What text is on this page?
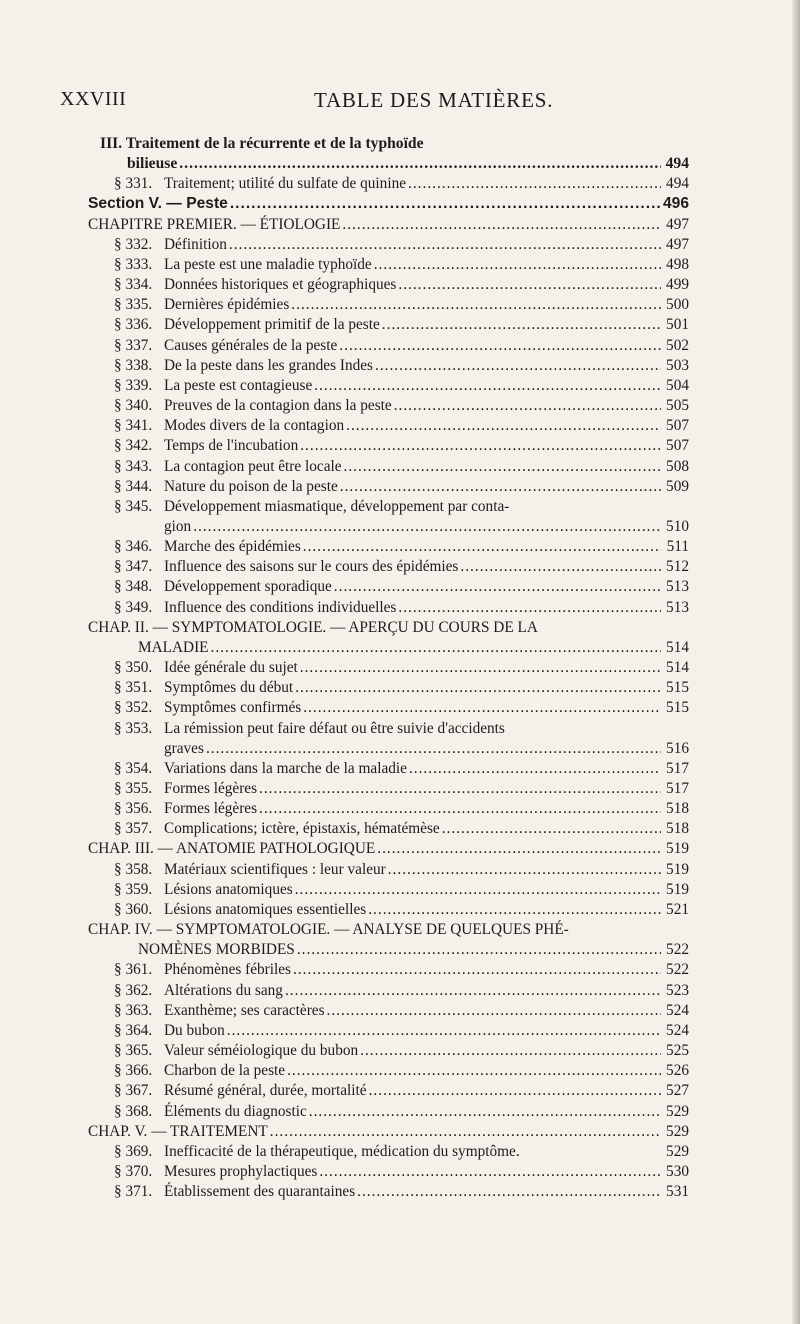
XXVIII	TABLE DES MATIÈRES.
III. Traitement de la récurrente et de la typhoïde
bilieuse .....	494
§ 331. Traitement; utilité du sulfate de quinine .....	494
Section V. — Peste .....	496
CHAPITRE PREMIER. — ÉTIOLOGIE .....	497
§ 332. Définition .....	497
§ 333. La peste est une maladie typhoïde .....	498
§ 334. Données historiques et géographiques .....	499
§ 335. Dernières épidémies .....	500
§ 336. Développement primitif de la peste .....	501
§ 337. Causes générales de la peste .....	502
§ 338. De la peste dans les grandes Indes .....	503
§ 339. La peste est contagieuse .....	504
§ 340. Preuves de la contagion dans la peste .....	505
§ 341. Modes divers de la contagion .....	507
§ 342. Temps de l'incubation .....	507
§ 343. La contagion peut être locale .....	508
§ 344. Nature du poison de la peste .....	509
§ 345. Développement miasmatique, développement par conta-
gion .....	510
§ 346. Marche des épidémies .....	511
§ 347. Influence des saisons sur le cours des épidémies .....	512
§ 348. Développement sporadique .....	513
§ 349. Influence des conditions individuelles .....	513
CHAP. II. — SYMPTOMATOLOGIE. — APERÇU DU COURS DE LA
MALADIE .....	514
§ 350. Idée générale du sujet .....	514
§ 351. Symptômes du début .....	515
§ 352. Symptômes confirmés .....	515
§ 353. La rémission peut faire défaut ou être suivie d'accidents
graves .....	516
§ 354. Variations dans la marche de la maladie .....	517
§ 355. Formes légères .....	517
§ 356. Formes légères .....	518
§ 357. Complications; ictère, épistaxis, hématémèse .....	518
CHAP. III. — ANATOMIE PATHOLOGIQUE .....	519
§ 358. Matériaux scientifiques : leur valeur .....	519
§ 359. Lésions anatomiques .....	519
§ 360. Lésions anatomiques essentielles .....	521
CHAP. IV. — SYMPTOMATOLOGIE. — ANALYSE DE QUELQUES PHÉ-
NOMÈNES MORBIDES .....	522
§ 361. Phénomènes fébriles .....	522
§ 362. Altérations du sang .....	523
§ 363. Exanthème; ses caractères .....	524
§ 364. Du bubon .....	524
§ 365. Valeur séméiologique du bubon .....	525
§ 366. Charbon de la peste .....	526
§ 367. Résumé général, durée, mortalité .....	527
§ 368. Éléments du diagnostic .....	529
CHAP. V. — TRAITEMENT .....	529
§ 369. Inefficacité de la thérapeutique, médication du symptôme.	529
§ 370. Mesures prophylactiques .....	530
§ 371. Établissement des quarantaines .....	531
